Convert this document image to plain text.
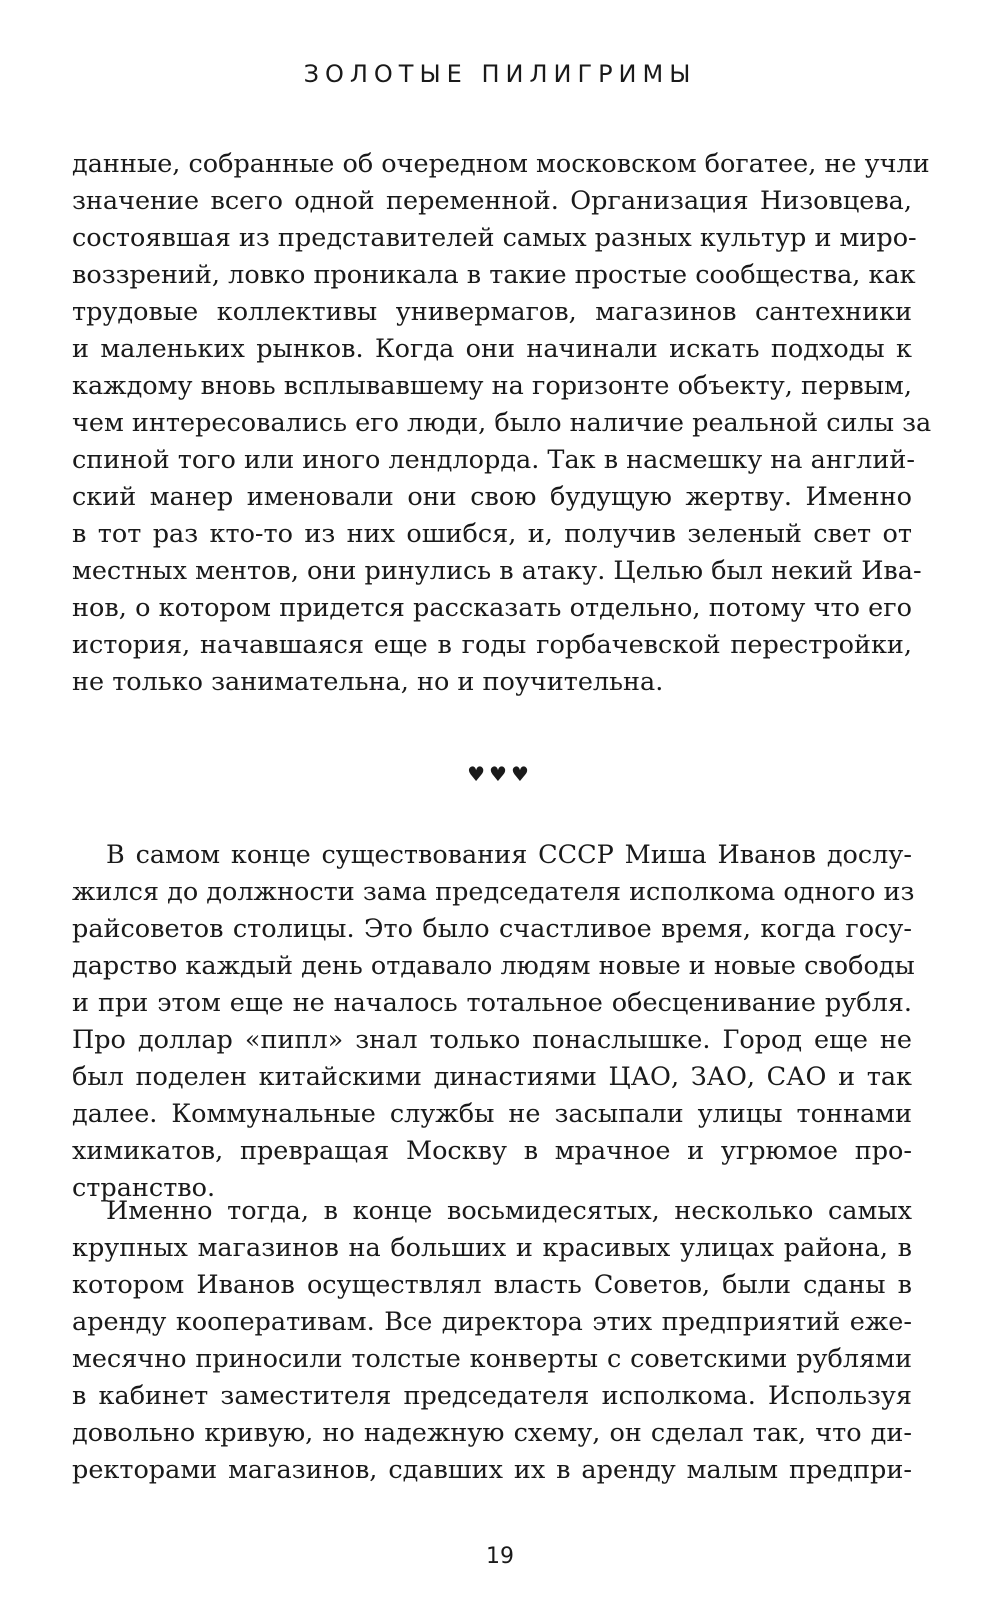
ЗОЛОТЫЕ ПИЛИГРИМЫ
данные, собранные об очередном московском богатее, не учли
значение всего одной переменной. Организация Низовцева,
состоявшая из представителей самых разных культур и миро-
воззрений, ловко проникала в такие простые сообщества, как
трудовые коллективы универмагов, магазинов сантехники
и маленьких рынков. Когда они начинали искать подходы к
каждому вновь всплывавшему на горизонте объекту, первым,
чем интересовались его люди, было наличие реальной силы за
спиной того или иного лендлорда. Так в насмешку на англий-
ский манер именовали они свою будущую жертву. Именно
в тот раз кто-то из них ошибся, и, получив зеленый свет от
местных ментов, они ринулись в атаку. Целью был некий Ива-
нов, о котором придется рассказать отдельно, потому что его
история, начавшаяся еще в годы горбачевской перестройки,
не только занимательна, но и поучительна.
♥♥♥
В самом конце существования СССР Миша Иванов дослу-
жился до должности зама председателя исполкома одного из
райсоветов столицы. Это было счастливое время, когда госу-
дарство каждый день отдавало людям новые и новые свободы
и при этом еще не началось тотальное обесценивание рубля.
Про доллар «пипл» знал только понаслышке. Город еще не
был поделен китайскими династиями ЦАО, ЗАО, САО и так
далее. Коммунальные службы не засыпали улицы тоннами
химикатов, превращая Москву в мрачное и угрюмое про-
странство.
Именно тогда, в конце восьмидесятых, несколько самых
крупных магазинов на больших и красивых улицах района, в
котором Иванов осуществлял власть Советов, были сданы в
аренду кооперативам. Все директора этих предприятий еже-
месячно приносили толстые конверты с советскими рублями
в кабинет заместителя председателя исполкома. Используя
довольно кривую, но надежную схему, он сделал так, что ди-
ректорами магазинов, сдавших их в аренду малым предпри-
19
